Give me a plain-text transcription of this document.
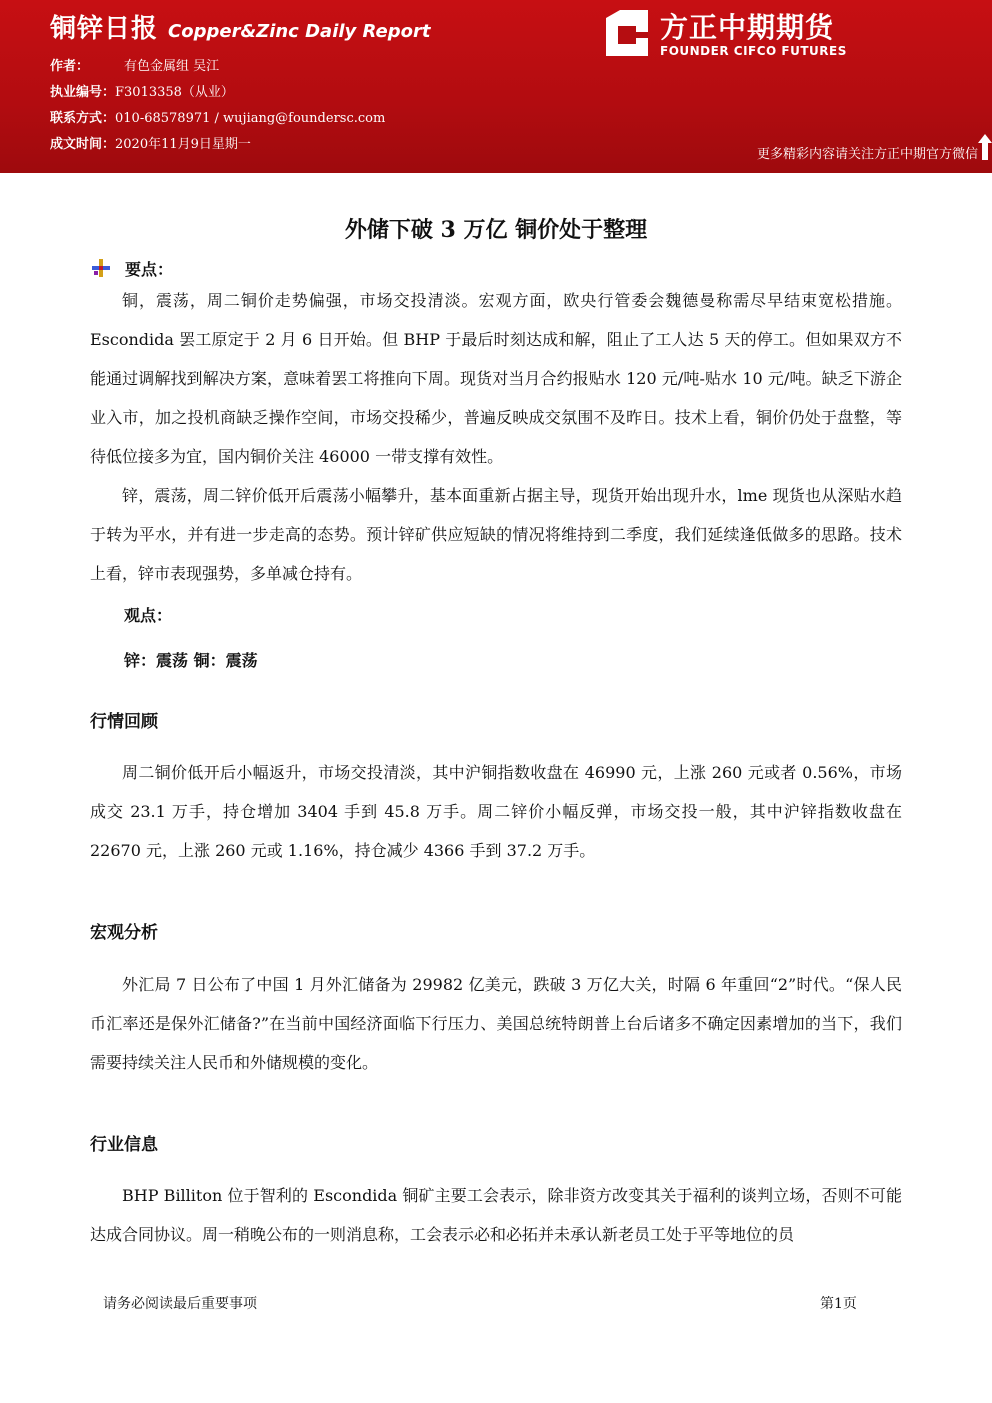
铜锌日报 Copper&Zinc Daily Report
作者：	有色金属组 吴江
执业编号：F3013358（从业）
联系方式：010-68578971 / wujiang@foundersc.com
成文时间：2020年11月9日星期一
方正中期期货
FOUNDER CIFCO FUTURES
更多精彩内容请关注方正中期官方微信
外储下破 3 万亿 铜价处于整理
要点：

铜，震荡，周二铜价走势偏强，市场交投清淡。宏观方面，欧央行管委会魏德曼称需尽早结束宽松措施。Escondida 罢工原定于 2 月 6 日开始。但 BHP 于最后时刻达成和解，阻止了工人达 5 天的停工。但如果双方不能通过调解找到解决方案，意味着罢工将推向下周。现货对当月合约报贴水 120 元/吨-贴水 10 元/吨。缺乏下游企业入市，加之投机商缺乏操作空间，市场交投稀少，普遍反映成交氛围不及昨日。技术上看，铜价仍处于盘整，等待低位接多为宜，国内铜价关注 46000 一带支撑有效性。

锌，震荡，周二锌价低开后震荡小幅攀升，基本面重新占据主导，现货开始出现升水，lme 现货也从深贴水趋于转为平水，并有进一步走高的态势。预计锌矿供应短缺的情况将维持到二季度，我们延续逢低做多的思路。技术上看，锌市表现强势，多单减仓持有。

观点：
锌：震荡 铜：震荡
行情回顾

周二铜价低开后小幅返升，市场交投清淡，其中沪铜指数收盘在 46990 元，上涨 260 元或者 0.56%，市场成交 23.1 万手，持仓增加 3404 手到 45.8 万手。周二锌价小幅反弹，市场交投一般，其中沪锌指数收盘在 22670 元，上涨 260 元或 1.16%，持仓减少 4366 手到 37.2 万手。

宏观分析

外汇局 7 日公布了中国 1 月外汇储备为 29982 亿美元，跌破 3 万亿大关，时隔 6 年重回“2”时代。“保人民币汇率还是保外汇储备?”在当前中国经济面临下行压力、美国总统特朗普上台后诸多不确定因素增加的当下，我们需要持续关注人民币和外储规模的变化。

行业信息

BHP Billiton 位于智利的 Escondida 铜矿主要工会表示，除非资方改变其关于福利的谈判立场，否则不可能达成合同协议。周一稍晚公布的一则消息称，工会表示必和必拓并未承认新老员工处于平等地位的员

请务必阅读最后重要事项	第1页
